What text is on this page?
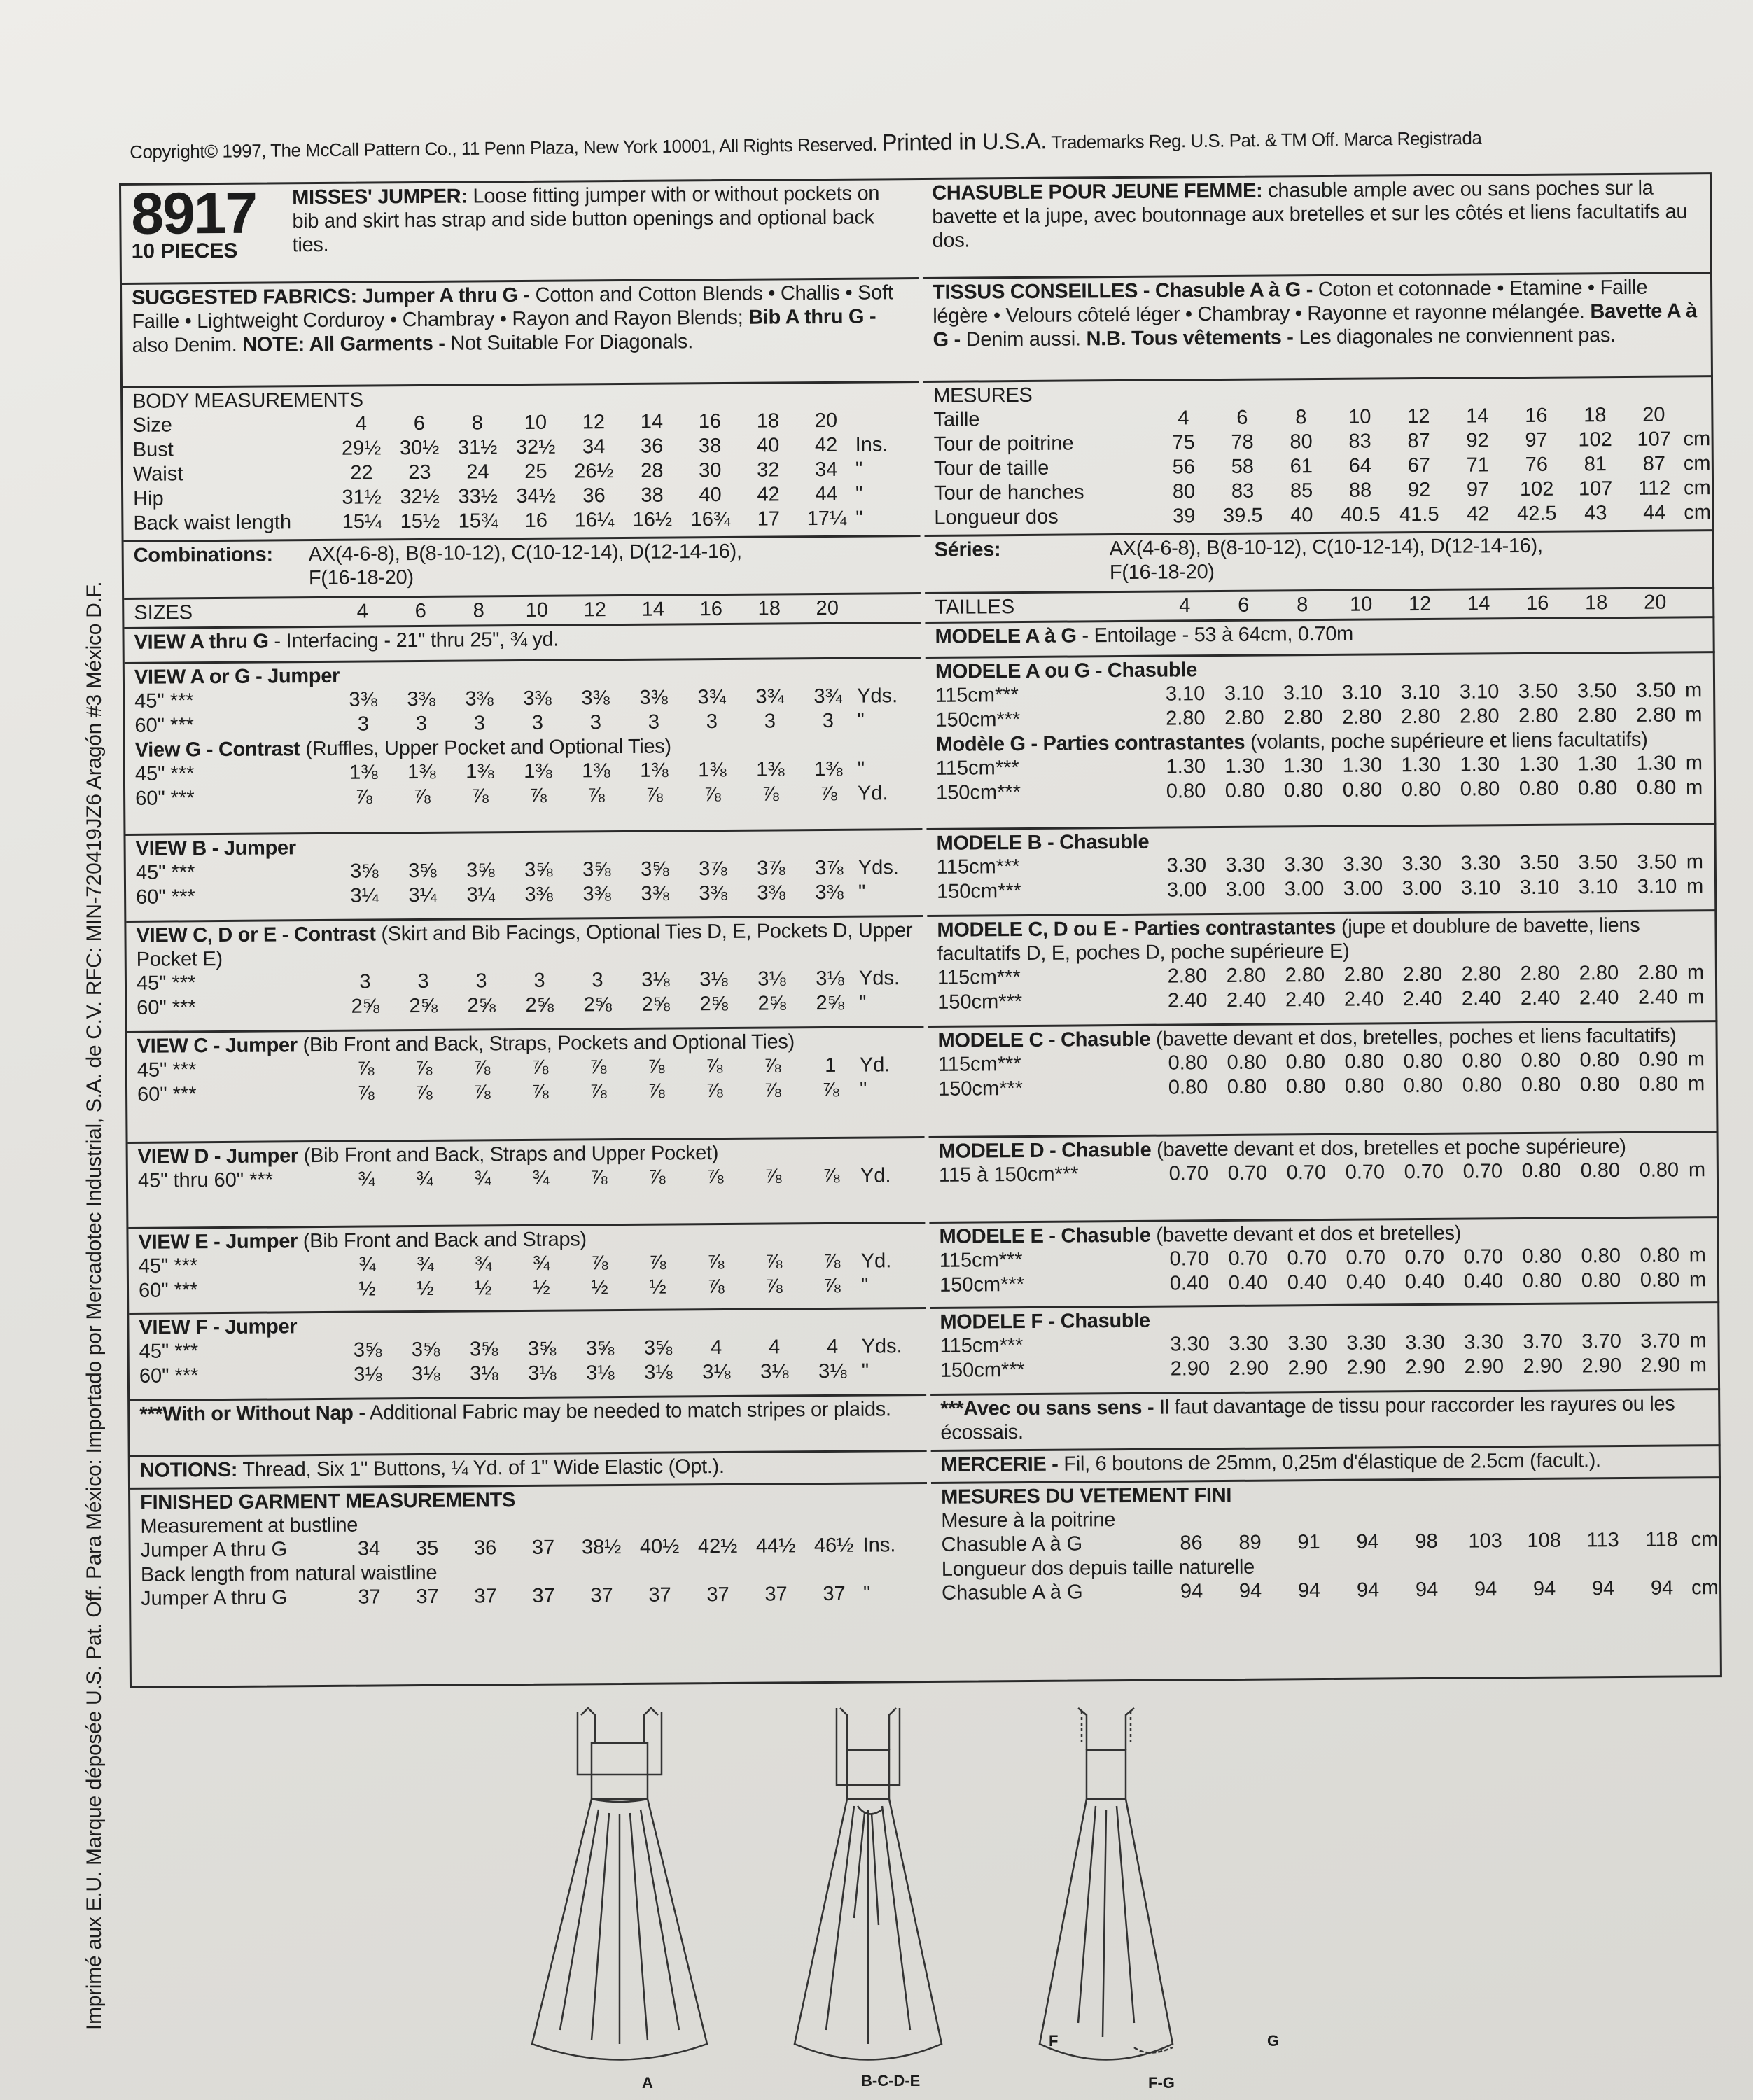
Copyright© 1997, The McCall Pattern Co., 11 Penn Plaza, New York 10001, All Rights Reserved. Printed in U.S.A. Trademarks Reg. U.S. Pat. & TM Off. Marca Registrada
Imprimé aux E.U. Marque déposée U.S. Pat. Off. Para México: Importado por Mercadotec Industrial, S.A. de C.V. RFC: MIN-720419JZ6 Aragón #3 México D.F.
8917
10 PIECES
MISSES' JUMPER: Loose fitting jumper with or without pockets on bib and skirt has strap and side button openings and optional back ties.
SUGGESTED FABRICS: Jumper A thru G - Cotton and Cotton Blends • Challis • Soft Faille • Lightweight Corduroy • Chambray • Rayon and Rayon Blends; Bib A thru G - also Denim. NOTE: All Garments - Not Suitable For Diagonals.
BODY MEASUREMENTS
Size	4	6	8	10	12	14	16	18	20
Bust	29½ 30½ 31½ 32½	34	36	38	40	42 Ins.
Waist	22	23	24	25	26½	28	30	32	34 "
Hip	31½ 32½ 33½ 34½	36	38	40	42	44 "
Back waist length	15¼ 15½ 15¾	16	16¼ 16½ 16¾	17	17¼ "
Combinations: AX(4-6-8), B(8-10-12), C(10-12-14), D(12-14-16),
F(16-18-20)
SIZES	4	6	8	10	12	14	16	18	20
VIEW A thru G - Interfacing - 21" thru 25", ¾ yd.
VIEW A or G - Jumper
45" ***	3⅜	3⅜	3⅜	3⅜	3⅜	3⅜	3¾	3¾	3¾ Yds.
60" ***	3	3	3	3	3	3	3	3	3	"
View G - Contrast (Ruffles, Upper Pocket and Optional Ties)
45" ***	1⅜	1⅜	1⅜	1⅜	1⅜	1⅜	1⅜	1⅜	1⅜ "
60" ***	⅞	⅞	⅞	⅞	⅞	⅞	⅞	⅞	⅞	Yd.
VIEW B - Jumper
45" ***	3⅝	3⅝	3⅝	3⅝	3⅝	3⅝	3⅞	3⅞	3⅞ Yds.
60" ***	3¼	3¼	3¼	3⅜	3⅜	3⅜	3⅜	3⅜	3⅜ "
VIEW C, D or E - Contrast (Skirt and Bib Facings, Optional Ties D, E, Pockets D, Upper Pocket E)
45" ***	3	3	3	3	3	3⅛	3⅛	3⅛	3⅛ Yds.
60" ***	2⅝	2⅝	2⅝	2⅝	2⅝	2⅝	2⅝	2⅝	2⅝ "
VIEW C - Jumper (Bib Front and Back, Straps, Pockets and Optional Ties)
45" ***	⅞	⅞	⅞	⅞	⅞	⅞	⅞	⅞	1	Yd.
60" ***	⅞	⅞	⅞	⅞	⅞	⅞	⅞	⅞	⅞	"
VIEW D - Jumper (Bib Front and Back, Straps and Upper Pocket)
45" thru 60" ***	¾	¾	¾	¾	⅞	⅞	⅞	⅞	⅞	Yd.
VIEW E - Jumper (Bib Front and Back and Straps)
45" ***	¾	¾	¾	¾	⅞	⅞	⅞	⅞	⅞	Yd.
60" ***	½	½	½	½	½	½	⅞	⅞	⅞	"
VIEW F - Jumper
45" ***	3⅝	3⅝	3⅝	3⅝	3⅝	3⅝	4	4	4	Yds.
60" ***	3⅛	3⅛	3⅛	3⅛	3⅛	3⅛	3⅛	3⅛	3⅛ "
***With or Without Nap - Additional Fabric may be needed to match stripes or plaids.
NOTIONS: Thread, Six 1" Buttons, ¼ Yd. of 1" Wide Elastic (Opt.).
FINISHED GARMENT MEASUREMENTS
Measurement at bustline
Jumper A thru G	34	35	36	37	38½ 40½ 42½ 44½ 46½ Ins.
Back length from natural waistline
Jumper A thru G	37	37	37	37	37	37	37	37	37 "
CHASUBLE POUR JEUNE FEMME: chasuble ample avec ou sans poches sur la bavette et la jupe, avec boutonnage aux bretelles et sur les côtés et liens facultatifs au dos.
TISSUS CONSEILLES - Chasuble A à G - Coton et cotonnade • Etamine • Faille légère • Velours côtelé léger • Chambray • Rayonne et rayonne mélangée. Bavette A à G - Denim aussi. N.B. Tous vêtements - Les diagonales ne conviennent pas.
MESURES
Taille	4	6	8	10	12	14	16	18	20
Tour de poitrine	75	78	80	83	87	92	97	102	107 cm
Tour de taille	56	58	61	64	67	71	76	81	87 cm
Tour de hanches	80	83	85	88	92	97	102	107	112 cm
Longueur dos	39	39.5	40	40.5 41.5	42	42.5	43	44 cm
Séries:	AX(4-6-8), B(8-10-12), C(10-12-14), D(12-14-16),
F(16-18-20)
TAILLES	4	6	8	10	12	14	16	18	20
MODELE A à G - Entoilage - 53 à 64cm, 0.70m
MODELE A ou G - Chasuble
115cm***	3.10 3.10 3.10 3.10 3.10 3.10 3.50 3.50 3.50 m
150cm***	2.80 2.80 2.80 2.80 2.80 2.80 2.80 2.80 2.80 m
Modèle G - Parties contrastantes (volants, poche supérieure et liens facultatifs)
115cm***	1.30 1.30 1.30 1.30 1.30 1.30 1.30 1.30 1.30 m
150cm***	0.80 0.80 0.80 0.80 0.80 0.80 0.80 0.80 0.80 m
MODELE B - Chasuble
115cm***	3.30 3.30 3.30 3.30 3.30 3.30 3.50 3.50 3.50 m
150cm***	3.00 3.00 3.00 3.00 3.00 3.10 3.10 3.10 3.10 m
MODELE C, D ou E - Parties contrastantes (jupe et doublure de bavette, liens facultatifs D, E, poches D, poche supérieure E)
115cm***	2.80 2.80 2.80 2.80 2.80 2.80 2.80 2.80 2.80 m
150cm***	2.40 2.40 2.40 2.40 2.40 2.40 2.40 2.40 2.40 m
MODELE C - Chasuble (bavette devant et dos, bretelles, poches et liens facultatifs)
115cm***	0.80 0.80 0.80 0.80 0.80 0.80 0.80 0.80 0.90 m
150cm***	0.80 0.80 0.80 0.80 0.80 0.80 0.80 0.80 0.80 m
MODELE D - Chasuble (bavette devant et dos, bretelles et poche supérieure)
115 à 150cm***	0.70 0.70 0.70 0.70 0.70 0.70 0.80 0.80 0.80 m
MODELE E - Chasuble (bavette devant et dos et bretelles)
115cm***	0.70 0.70 0.70 0.70 0.70 0.70 0.80 0.80 0.80 m
150cm***	0.40 0.40 0.40 0.40 0.40 0.40 0.80 0.80 0.80 m
MODELE F - Chasuble
115cm***	3.30 3.30 3.30 3.30 3.30 3.30 3.70 3.70 3.70 m
150cm***	2.90 2.90 2.90 2.90 2.90 2.90 2.90 2.90 2.90 m
***Avec ou sans sens - Il faut davantage de tissu pour raccorder les rayures ou les écossais.
MERCERIE - Fil, 6 boutons de 25mm, 0,25m d'élastique de 2.5cm (facult.).
MESURES DU VETEMENT FINI
Mesure à la poitrine
Chasuble A à G	86	89	91	94	98	103	108	113	118 cm
Longueur dos depuis taille naturelle
Chasuble A à G	94	94	94	94	94	94	94	94	94 cm
A	B-C-D-E	F-G
F	G
